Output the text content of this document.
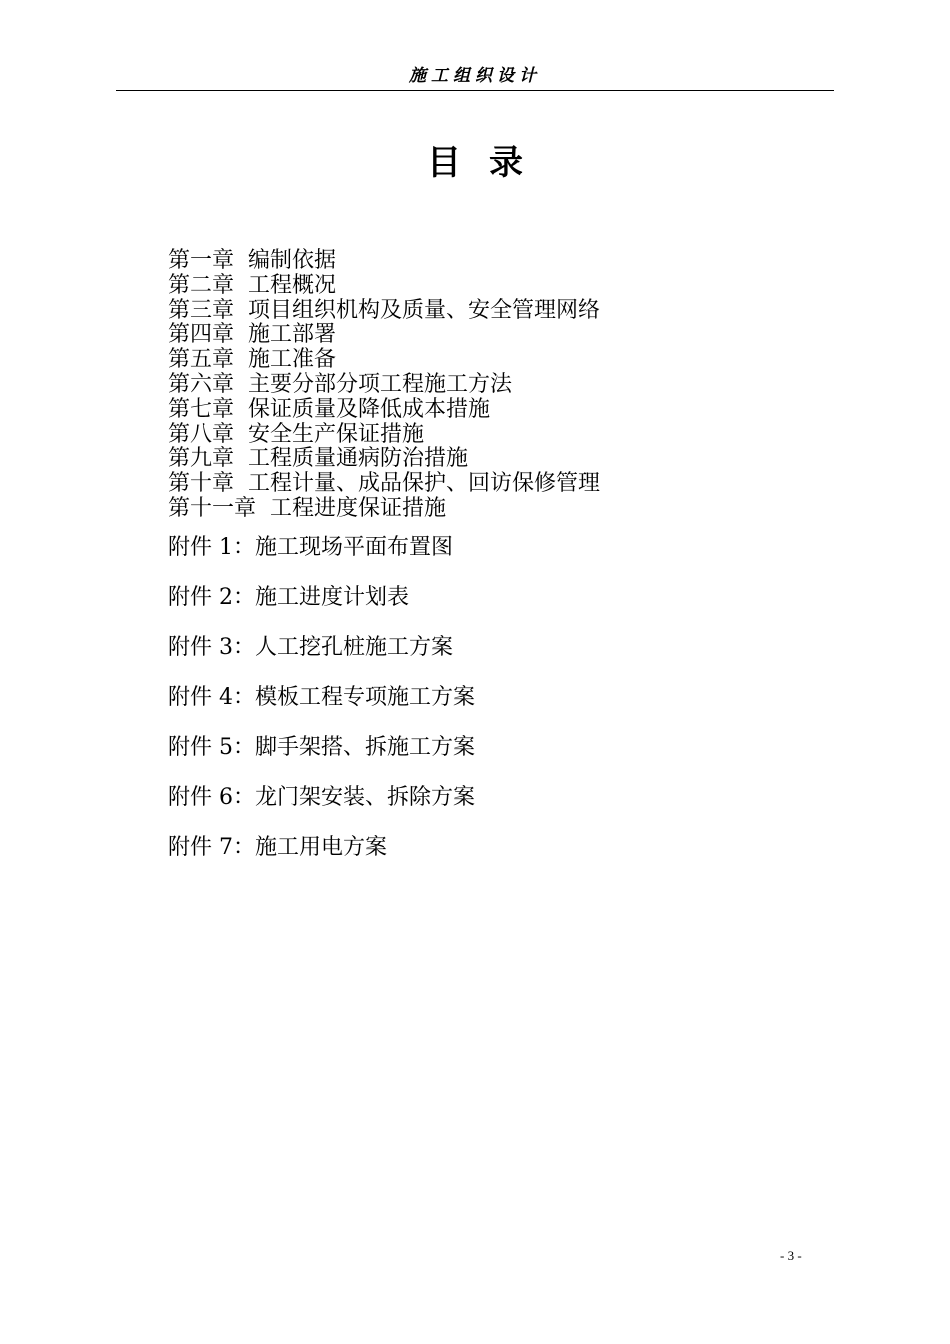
施工组织设计
目录
第一章 编制依据
第二章 工程概况
第三章 项目组织机构及质量、安全管理网络
第四章 施工部署
第五章 施工准备
第六章 主要分部分项工程施工方法
第七章 保证质量及降低成本措施
第八章 安全生产保证措施
第九章 工程质量通病防治措施
第十章 工程计量、成品保护、回访保修管理
第十一章 工程进度保证措施
附件 1：施工现场平面布置图
附件 2：施工进度计划表
附件 3：人工挖孔桩施工方案
附件 4：模板工程专项施工方案
附件 5：脚手架搭、拆施工方案
附件 6：龙门架安装、拆除方案
附件 7：施工用电方案
- 3 -
